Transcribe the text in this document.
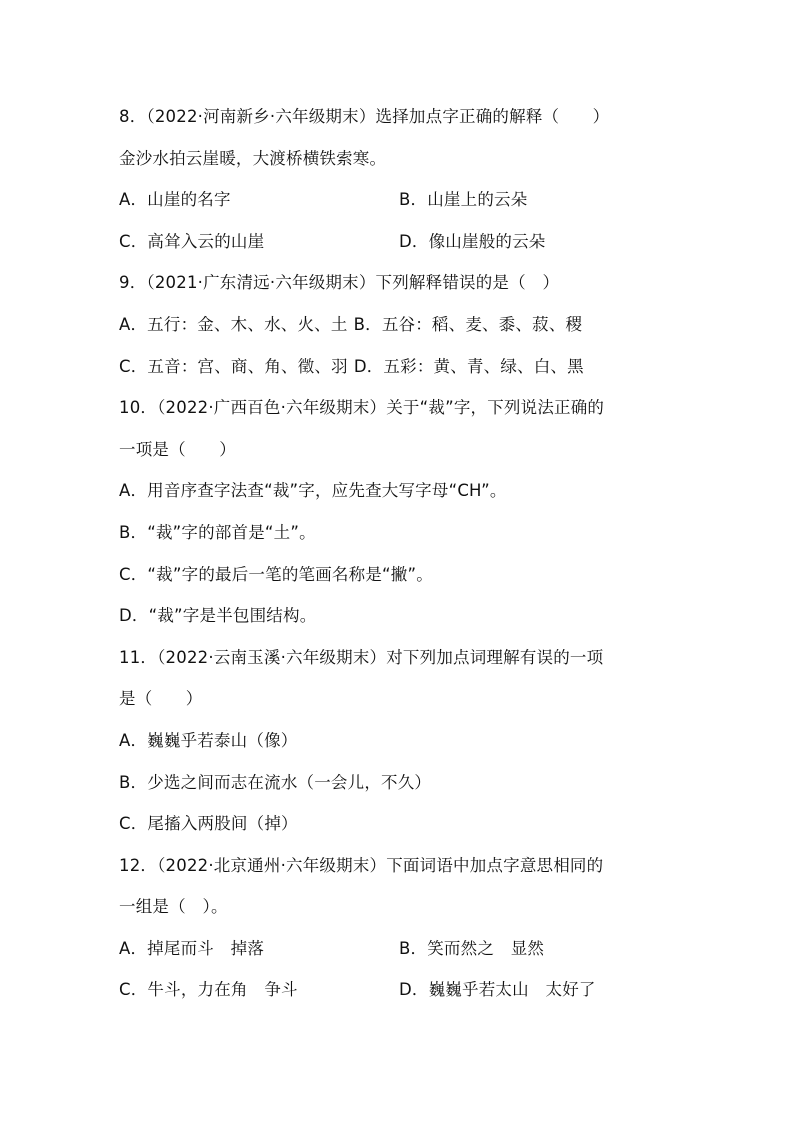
8．（2022·河南新乡·六年级期末）选择加点字正确的解释（　　）
金沙水拍云崖暖，大渡桥横铁索寒。
A．山崖的名字	B．山崖上的云朵
C．高耸入云的山崖	D．像山崖般的云朵
9．（2021·广东清远·六年级期末）下列解释错误的是（　）
A．五行：金、木、水、火、土 B．五谷：稻、麦、黍、菽、稷
C．五音：宫、商、角、徵、羽 D．五彩：黄、青、绿、白、黑
10．（2022·广西百色·六年级期末）关于“裁”字，下列说法正确的
一项是（　　）
A．用音序查字法查“裁”字，应先查大写字母“CH”。
B．“裁”字的部首是“土”。
C．“裁”字的最后一笔的笔画名称是“撇”。
D．“裁”字是半包围结构。
11．（2022·云南玉溪·六年级期末）对下列加点词理解有误的一项
是（　　）
A．巍巍乎若泰山（像）
B．少选之间而志在流水（一会儿，不久）
C．尾搐入两股间（掉）
12．（2022·北京通州·六年级期末）下面词语中加点字意思相同的
一组是（　）。
A．掉尾而斗　掉落	B．笑而然之　显然
C．牛斗，力在角　争斗	D．巍巍乎若太山　太好了
